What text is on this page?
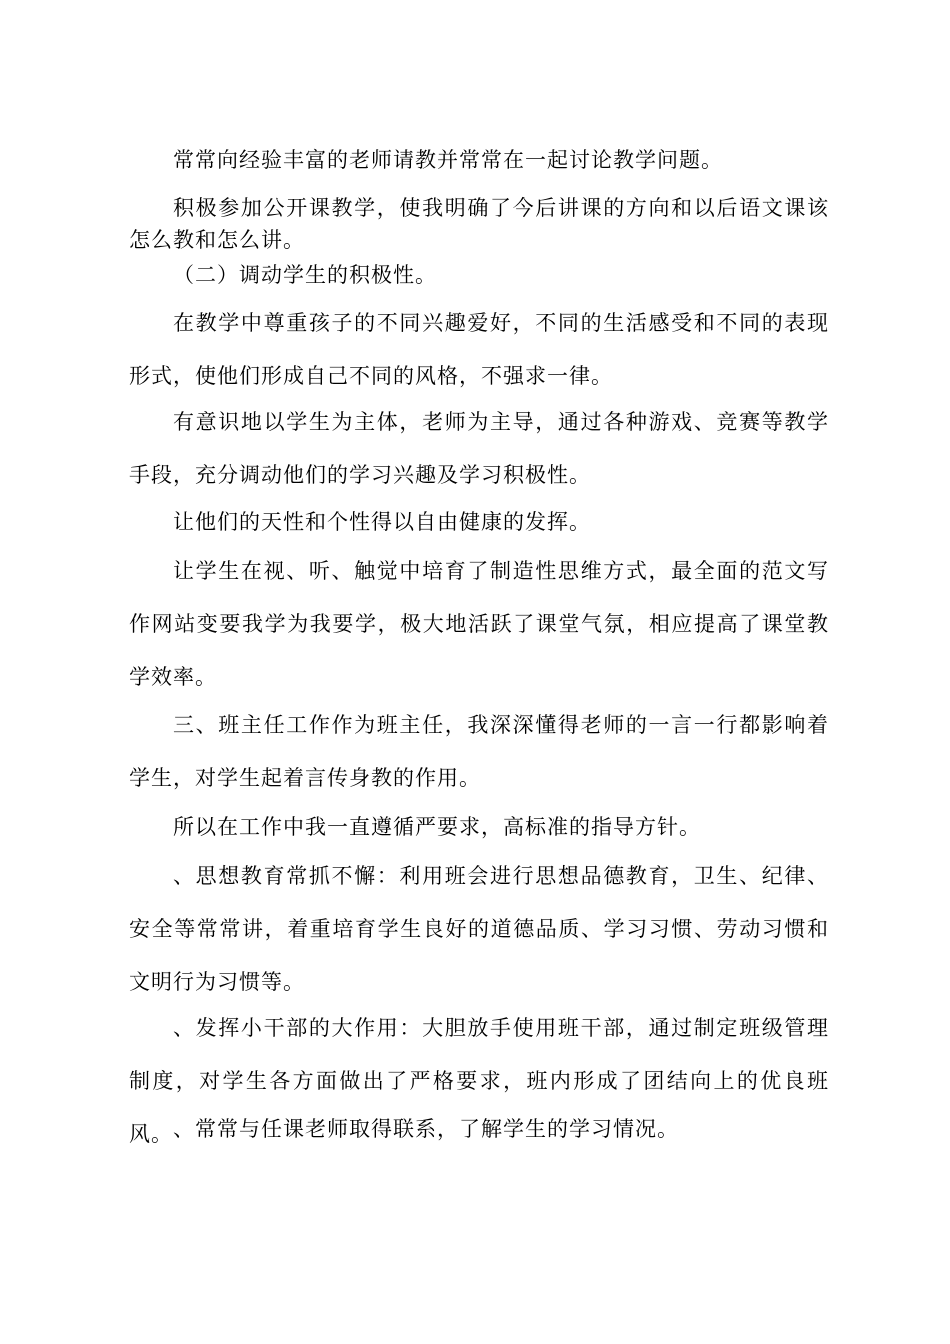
常常向经验丰富的老师请教并常常在一起讨论教学问题。

积极参加公开课教学，使我明确了今后讲课的方向和以后语文课该怎么教和怎么讲。

（二）调动学生的积极性。

在教学中尊重孩子的不同兴趣爱好，不同的生活感受和不同的表现形式，使他们形成自己不同的风格，不强求一律。

有意识地以学生为主体，老师为主导，通过各种游戏、竞赛等教学手段，充分调动他们的学习兴趣及学习积极性。

让他们的天性和个性得以自由健康的发挥。

让学生在视、听、触觉中培育了制造性思维方式，最全面的范文写作网站变要我学为我要学，极大地活跃了课堂气氛，相应提高了课堂教学效率。

三、班主任工作作为班主任，我深深懂得老师的一言一行都影响着学生，对学生起着言传身教的作用。

所以在工作中我一直遵循严要求，高标准的指导方针。

、思想教育常抓不懈：利用班会进行思想品德教育，卫生、纪律、安全等常常讲，着重培育学生良好的道德品质、学习习惯、劳动习惯和文明行为习惯等。

、发挥小干部的大作用：大胆放手使用班干部，通过制定班级管理制度，对学生各方面做出了严格要求，班内形成了团结向上的优良班风。 、常常与任课老师取得联系，了解学生的学习情况。
